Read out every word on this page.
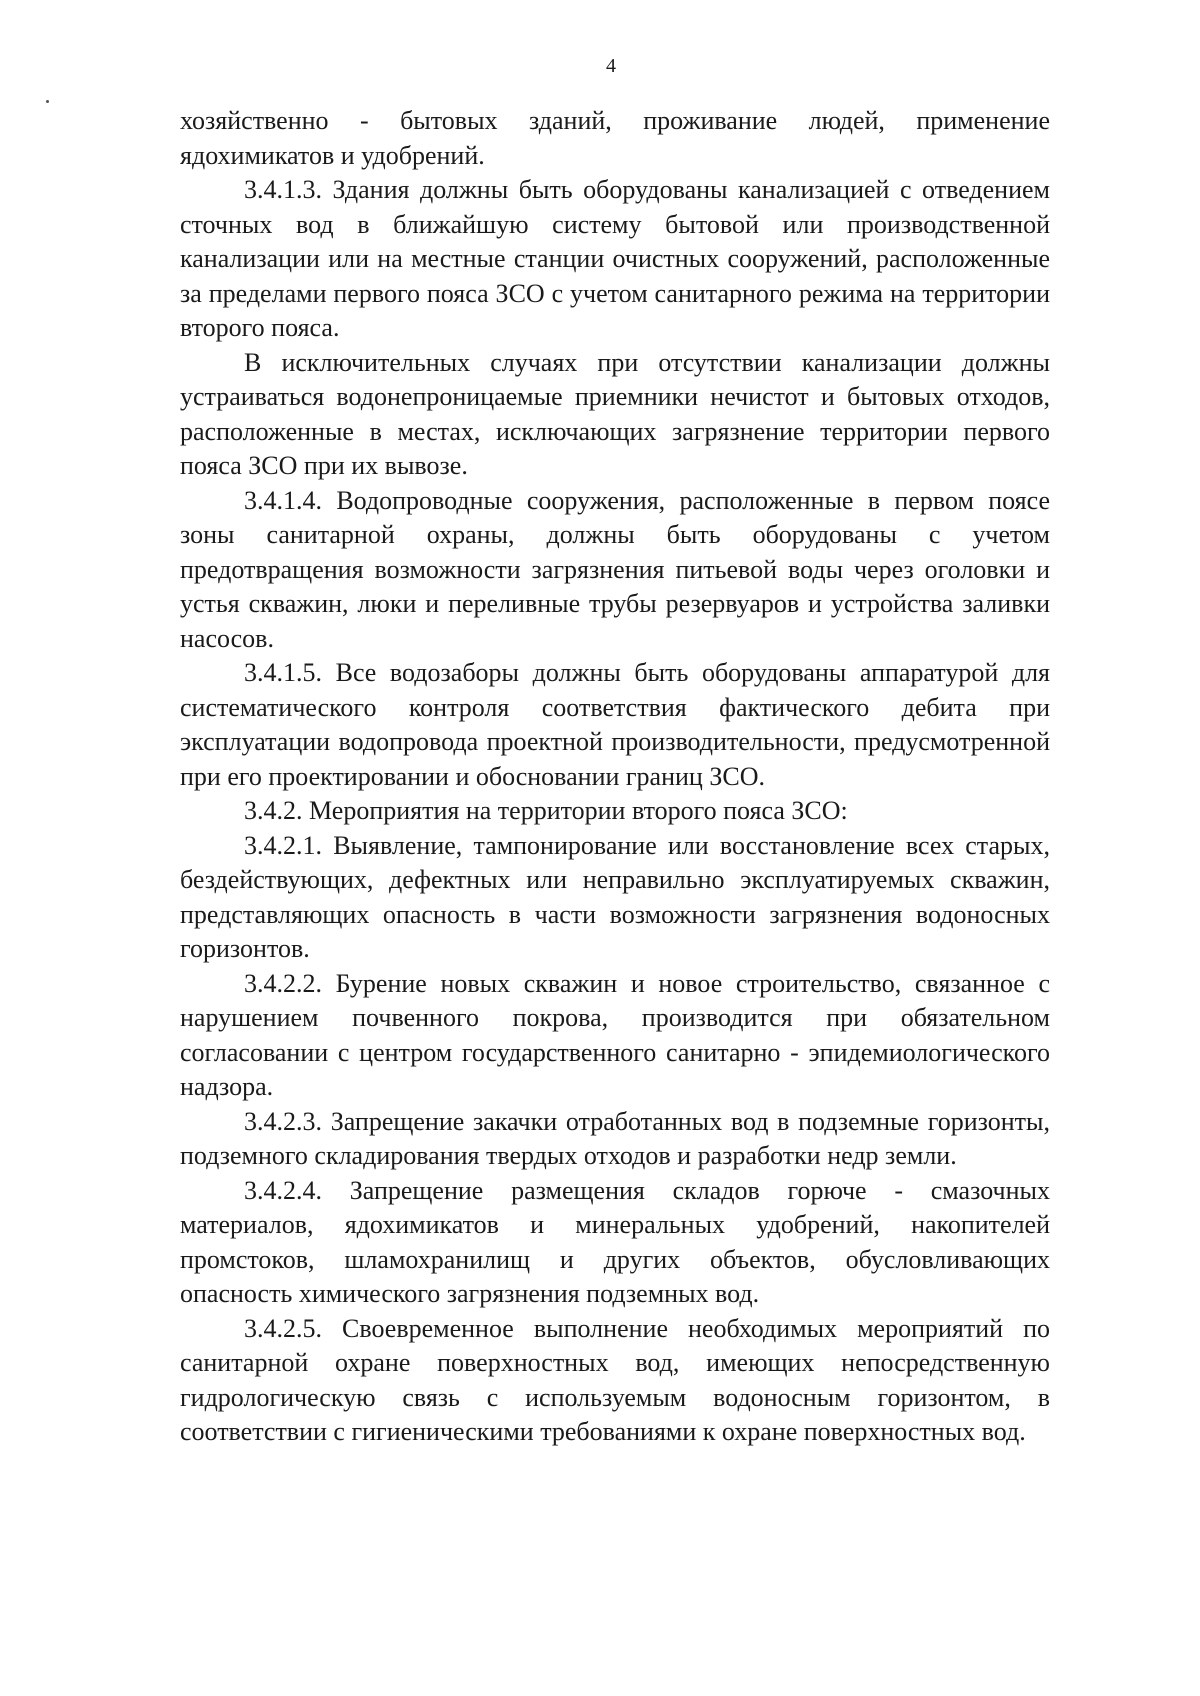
4

хозяйственно - бытовых зданий, проживание людей, применение ядохимикатов и удобрений.

3.4.1.3. Здания должны быть оборудованы канализацией с отведением сточных вод в ближайшую систему бытовой или производственной канализации или на местные станции очистных сооружений, расположенные за пределами первого пояса ЗСО с учетом санитарного режима на территории второго пояса.

В исключительных случаях при отсутствии канализации должны устраиваться водонепроницаемые приемники нечистот и бытовых отходов, расположенные в местах, исключающих загрязнение территории первого пояса ЗСО при их вывозе.

3.4.1.4. Водопроводные сооружения, расположенные в первом поясе зоны санитарной охраны, должны быть оборудованы с учетом предотвращения возможности загрязнения питьевой воды через оголовки и устья скважин, люки и переливные трубы резервуаров и устройства заливки насосов.

3.4.1.5. Все водозаборы должны быть оборудованы аппаратурой для систематического контроля соответствия фактического дебита при эксплуатации водопровода проектной производительности, предусмотренной при его проектировании и обосновании границ ЗСО.

3.4.2. Мероприятия на территории второго пояса ЗСО:

3.4.2.1. Выявление, тампонирование или восстановление всех старых, бездействующих, дефектных или неправильно эксплуатируемых скважин, представляющих опасность в части возможности загрязнения водоносных горизонтов.

3.4.2.2. Бурение новых скважин и новое строительство, связанное с нарушением почвенного покрова, производится при обязательном согласовании с центром государственного санитарно - эпидемиологического надзора.

3.4.2.3. Запрещение закачки отработанных вод в подземные горизонты, подземного складирования твердых отходов и разработки недр земли.

3.4.2.4. Запрещение размещения складов горюче - смазочных материалов, ядохимикатов и минеральных удобрений, накопителей промстоков, шламохранилищ и других объектов, обусловливающих опасность химического загрязнения подземных вод.

3.4.2.5. Своевременное выполнение необходимых мероприятий по санитарной охране поверхностных вод, имеющих непосредственную гидрологическую связь с используемым водоносным горизонтом, в соответствии с гигиеническими требованиями к охране поверхностных вод.
